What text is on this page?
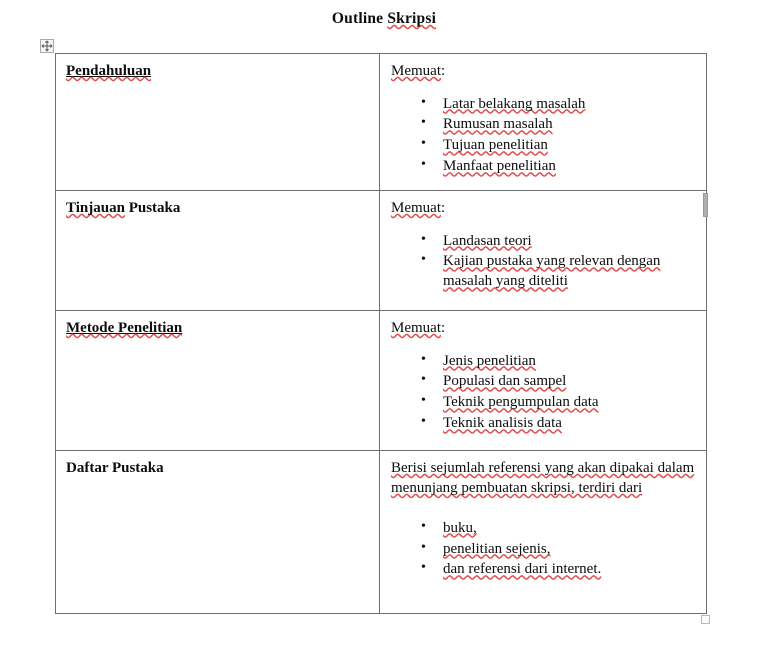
Outline Skripsi
Pendahuluan	Memuat:

• Latar belakang masalah
• Rumusan masalah
• Tujuan penelitian
• Manfaat penelitian

Tinjauan Pustaka	Memuat:

• Landasan teori
• Kajian pustaka yang relevan dengan masalah yang diteliti

Metode Penelitian	Memuat:

• Jenis penelitian
• Populasi dan sampel
• Teknik pengumpulan data
• Teknik analisis data

Daftar Pustaka	Berisi sejumlah referensi yang akan dipakai dalam menunjang pembuatan skripsi, terdiri dari

• buku,
• penelitian sejenis,
• dan referensi dari internet.
